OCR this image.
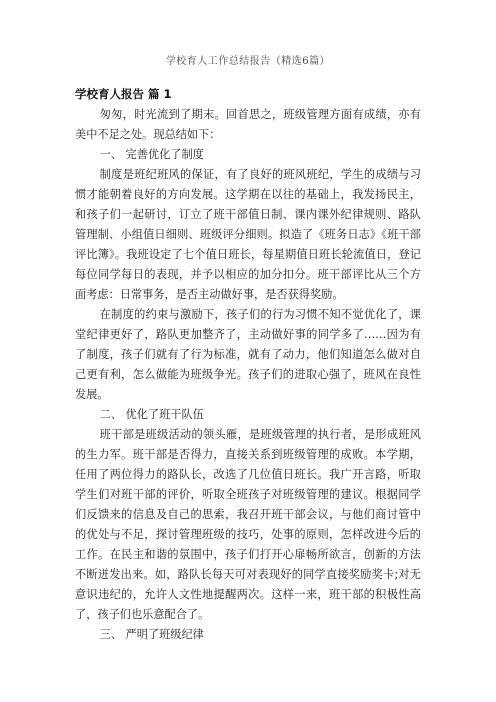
学校育人工作总结报告（精选6篇）
学校育人报告 篇 1

匆匆，时光流到了期末。回首思之，班级管理方面有成绩，亦有美中不足之处。现总结如下：

一、 完善优化了制度

制度是班纪班风的保证，有了良好的班风班纪，学生的成绩与习惯才能朝着良好的方向发展。这学期在以往的基础上，我发扬民主，和孩子们一起研讨，订立了班干部值日制、课内课外纪律规则、路队管理制、小组值日细则、班级评分细则。拟造了《班务日志》《班干部评比簿》。我班设定了七个值日班长，每星期值日班长轮流值日，登记每位同学每日的表现，并予以相应的加分扣分。班干部评比从三个方面考虑：日常事务，是否主动做好事，是否获得奖励。

在制度的约束与激励下，孩子们的行为习惯不知不觉优化了，课堂纪律更好了，路队更加整齐了，主动做好事的同学多了……因为有了制度，孩子们就有了行为标准，就有了动力，他们知道怎么做对自己更有利，怎么做能为班级争光。孩子们的进取心强了，班风在良性发展。

二、 优化了班干队伍

班干部是班级活动的领头雁，是班级管理的执行者，是形成班风的生力军。班干部是否得力，直接关系到班级管理的成败。本学期，任用了两位得力的路队长，改选了几位值日班长。我广开言路，听取学生们对班干部的评价，听取全班孩子对班级管理的建议。根据同学们反馈来的信息及自己的思索，我召开班干部会议，与他们商讨管中的优处与不足，探讨管理班级的技巧，处事的原则，怎样改进今后的工作。在民主和谐的氛围中，孩子们打开心扉畅所欲言，创新的方法不断迸发出来。如，路队长每天可对表现好的同学直接奖励奖卡;对无意识违纪的，允许人文性地提醒两次。这样一来，班干部的积极性高了，孩子们也乐意配合了。

三、 严明了班级纪律
